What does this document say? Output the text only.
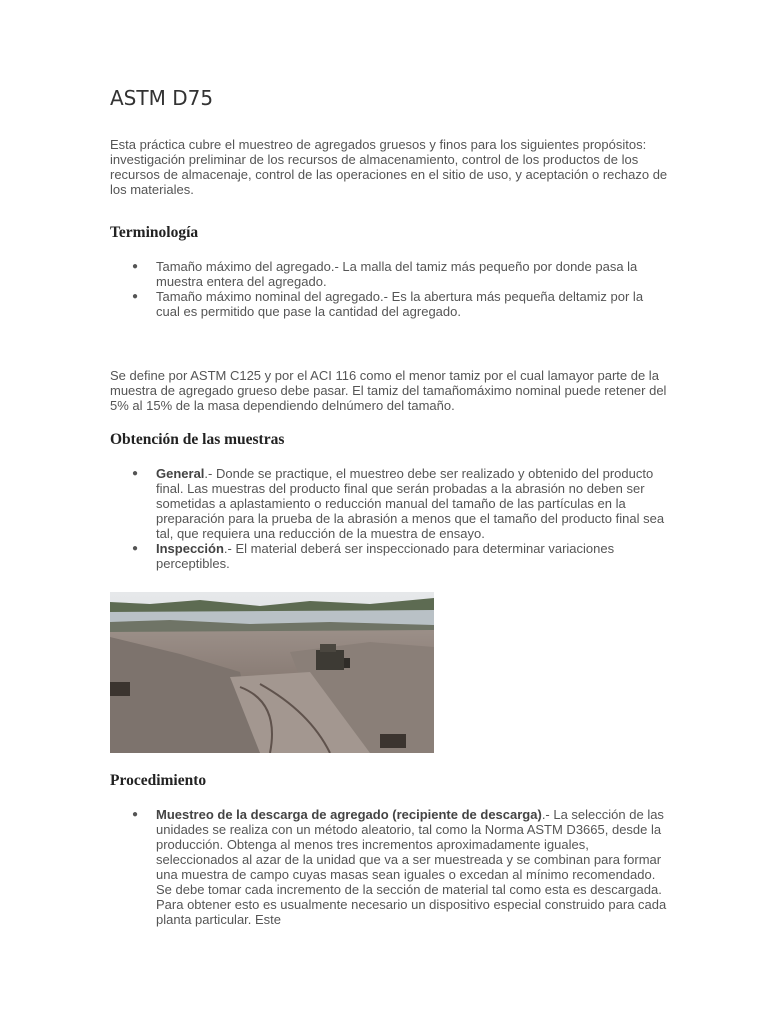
ASTM D75

Esta práctica cubre el muestreo de agregados gruesos y finos para los siguientes propósitos: investigación preliminar de los recursos de almacenamiento, control de los productos de los recursos de almacenaje, control de las operaciones en el sitio de uso, y aceptación o rechazo de los materiales.

Terminología
● Tamaño máximo del agregado.- La malla del tamiz más pequeño por donde pasa la muestra entera del agregado.
● Tamaño máximo nominal del agregado.- Es la abertura más pequeña deltamiz por la cual es permitido que pase la cantidad del agregado.

Se define por ASTM C125 y por el ACI 116 como el menor tamiz por el cual lamayor parte de la muestra de agregado grueso debe pasar. El tamiz del tamañomáximo nominal puede retener del 5% al 15% de la masa dependiendo delnúmero del tamaño.

Obtención de las muestras
● General.- Donde se practique, el muestreo debe ser realizado y obtenido del producto final. Las muestras del producto final que serán probadas a la abrasión no deben ser sometidas a aplastamiento o reducción manual del tamaño de las partículas en la preparación para la prueba de la abrasión a menos que el tamaño del producto final sea tal, que requiera una reducción de la muestra de ensayo.
● Inspección.- El material deberá ser inspeccionado para determinar variaciones perceptibles.
Procedimiento
● Muestreo de la descarga de agregado (recipiente de descarga).- La selección de las unidades se realiza con un método aleatorio, tal como la Norma ASTM D3665, desde la producción. Obtenga al menos tres incrementos aproximadamente iguales, seleccionados al azar de la unidad que va a ser muestreada y se combinan para formar una muestra de campo cuyas masas sean iguales o excedan al mínimo recomendado. Se debe tomar cada incremento de la sección de material tal como esta es descargada. Para obtener esto es usualmente necesario un dispositivo especial construido para cada planta particular. Este
